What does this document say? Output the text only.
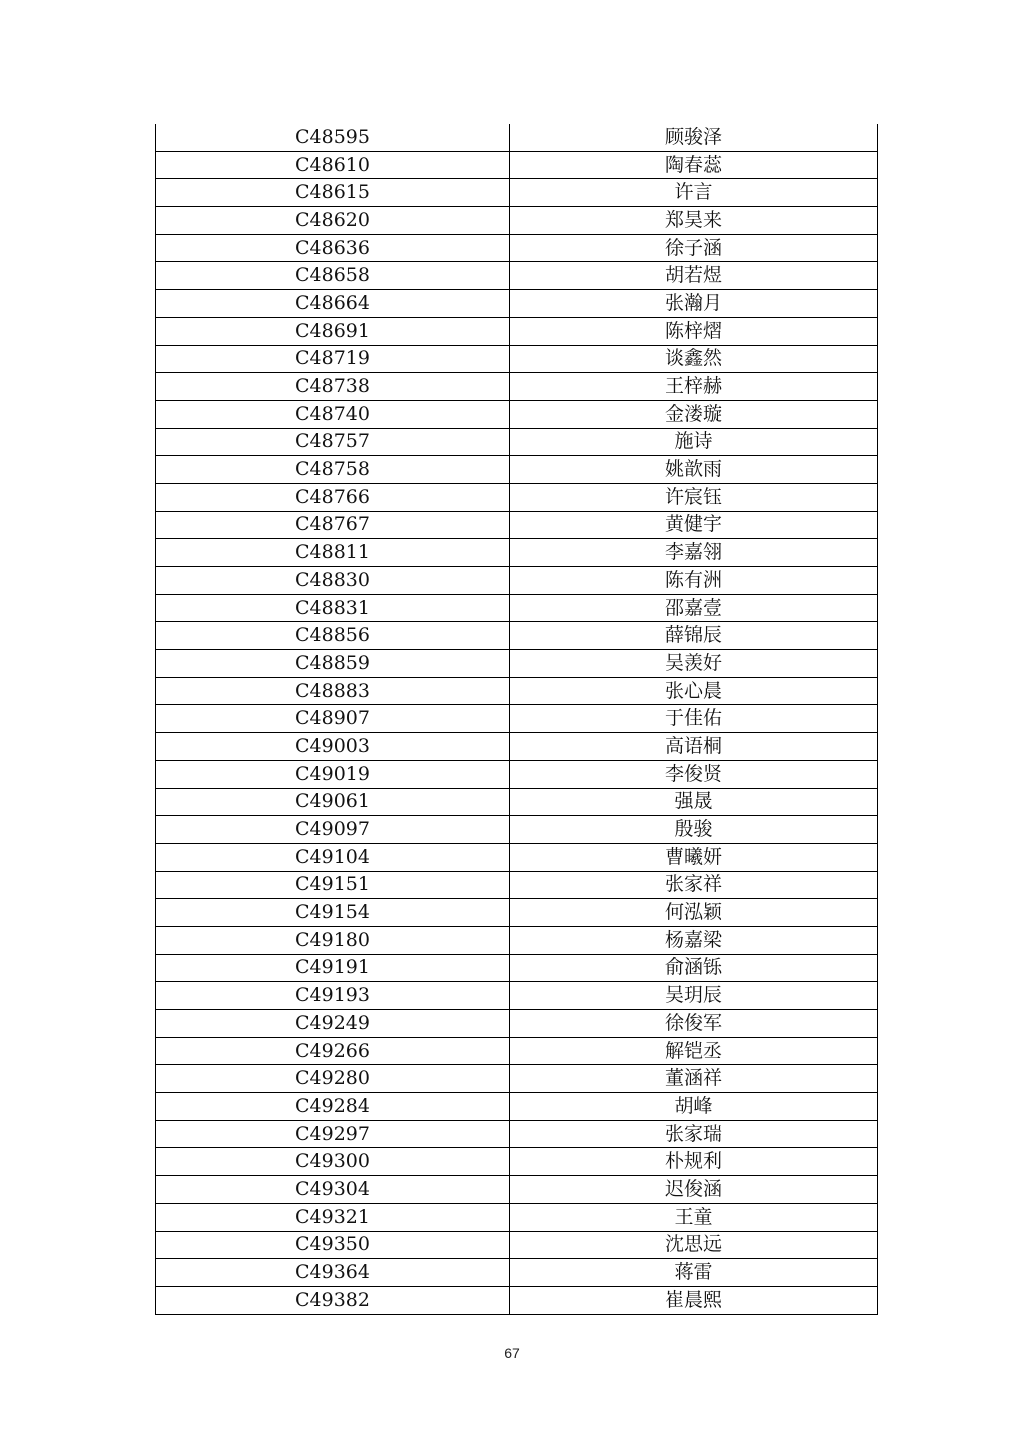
C48595	顾骏泽
C48610	陶春蕊
C48615	许言
C48620	郑昊来
C48636	徐子涵
C48658	胡若煜
C48664	张瀚月
C48691	陈梓熠
C48719	谈鑫然
C48738	王梓赫
C48740	金溇璇
C48757	施诗
C48758	姚歆雨
C48766	许宸钰
C48767	黄健宇
C48811	李嘉翎
C48830	陈有洲
C48831	邵嘉壹
C48856	薛锦辰
C48859	吴羡好
C48883	张心晨
C48907	于佳佑
C49003	高语桐
C49019	李俊贤
C49061	强晟
C49097	殷骏
C49104	曹曦妍
C49151	张家祥
C49154	何泓颖
C49180	杨嘉梁
C49191	俞涵铄
C49193	吴玥辰
C49249	徐俊军
C49266	解铠丞
C49280	董涵祥
C49284	胡峰
C49297	张家瑞
C49300	朴规利
C49304	迟俊涵
C49321	王童
C49350	沈思远
C49364	蒋雷
C49382	崔晨熙
67
